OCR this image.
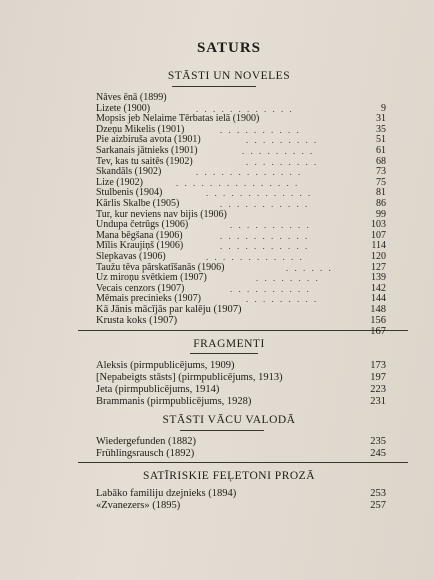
SATURS
STĀSTI UN NOVELES
FRAGMENTI
STĀSTI VĀCU VALODĀ
SATĪRISKIE FEĻETONI PROZĀ
Nāves ēnā (1899)
Lizete (1900)	. . . . . . . . . . . .	9
Mopsis jeb Nelaime Tērbatas ielā (1900)	31
Dzeņu Mikelis (1901)	. . . . . . . . . .	35
Pie aizbiruša avota (1901)	. . . . . . . . .	51
Sarkanais jātnieks (1901)	. . . . . . . . .	61
Tev, kas tu saitēs (1902)	. . . . . . . . .	68
Skandāls (1902)	. . . . . . . . . . . . .	73
Lize (1902)	. . . . . . . . . . . . . . .	75
Stulbenis (1904)	. . . . . . . . . . . . .	81
Kārlis Skalbe (1905)	. . . . . . . . . . .	86
Tur, kur neviens nav bijis (1906)	99
Undupa četrūgs (1906)	. . . . . . . . . .	103
Mana bēgšana (1906)	. . . . . . . . . . .	107
Mīlis Kraujiņš (1906)	. . . . . . . . . . .	114
Slepkavas (1906)	. . . . . . . . . . . .	120
Taužu tēva pārskatīšanās (1906)	. . . . . .	127
Uz miroņu svētkiem (1907)	. . . . . . . .	139
Vecais cenzors (1907)	. . . . . . . . . .	142
Mēmais precinieks (1907)	. . . . . . . . .	144
Kā Jānis mācījās par kalēju (1907)	148
Krusta koks (1907)	156
167
Aleksis (pirmpublicējums, 1909)	173
[Nepabeigts stāsts] (pirmpublicējums, 1913)	197
Jeta (pirmpublicējums, 1914)	223
Brammanis (pirmpublicējums, 1928)	231
Wiedergefunden (1882)	235
Frühlingsrausch (1892)	245
Labāko familiju dzejnieks (1894)	253
«Zvanezers» (1895)	257
